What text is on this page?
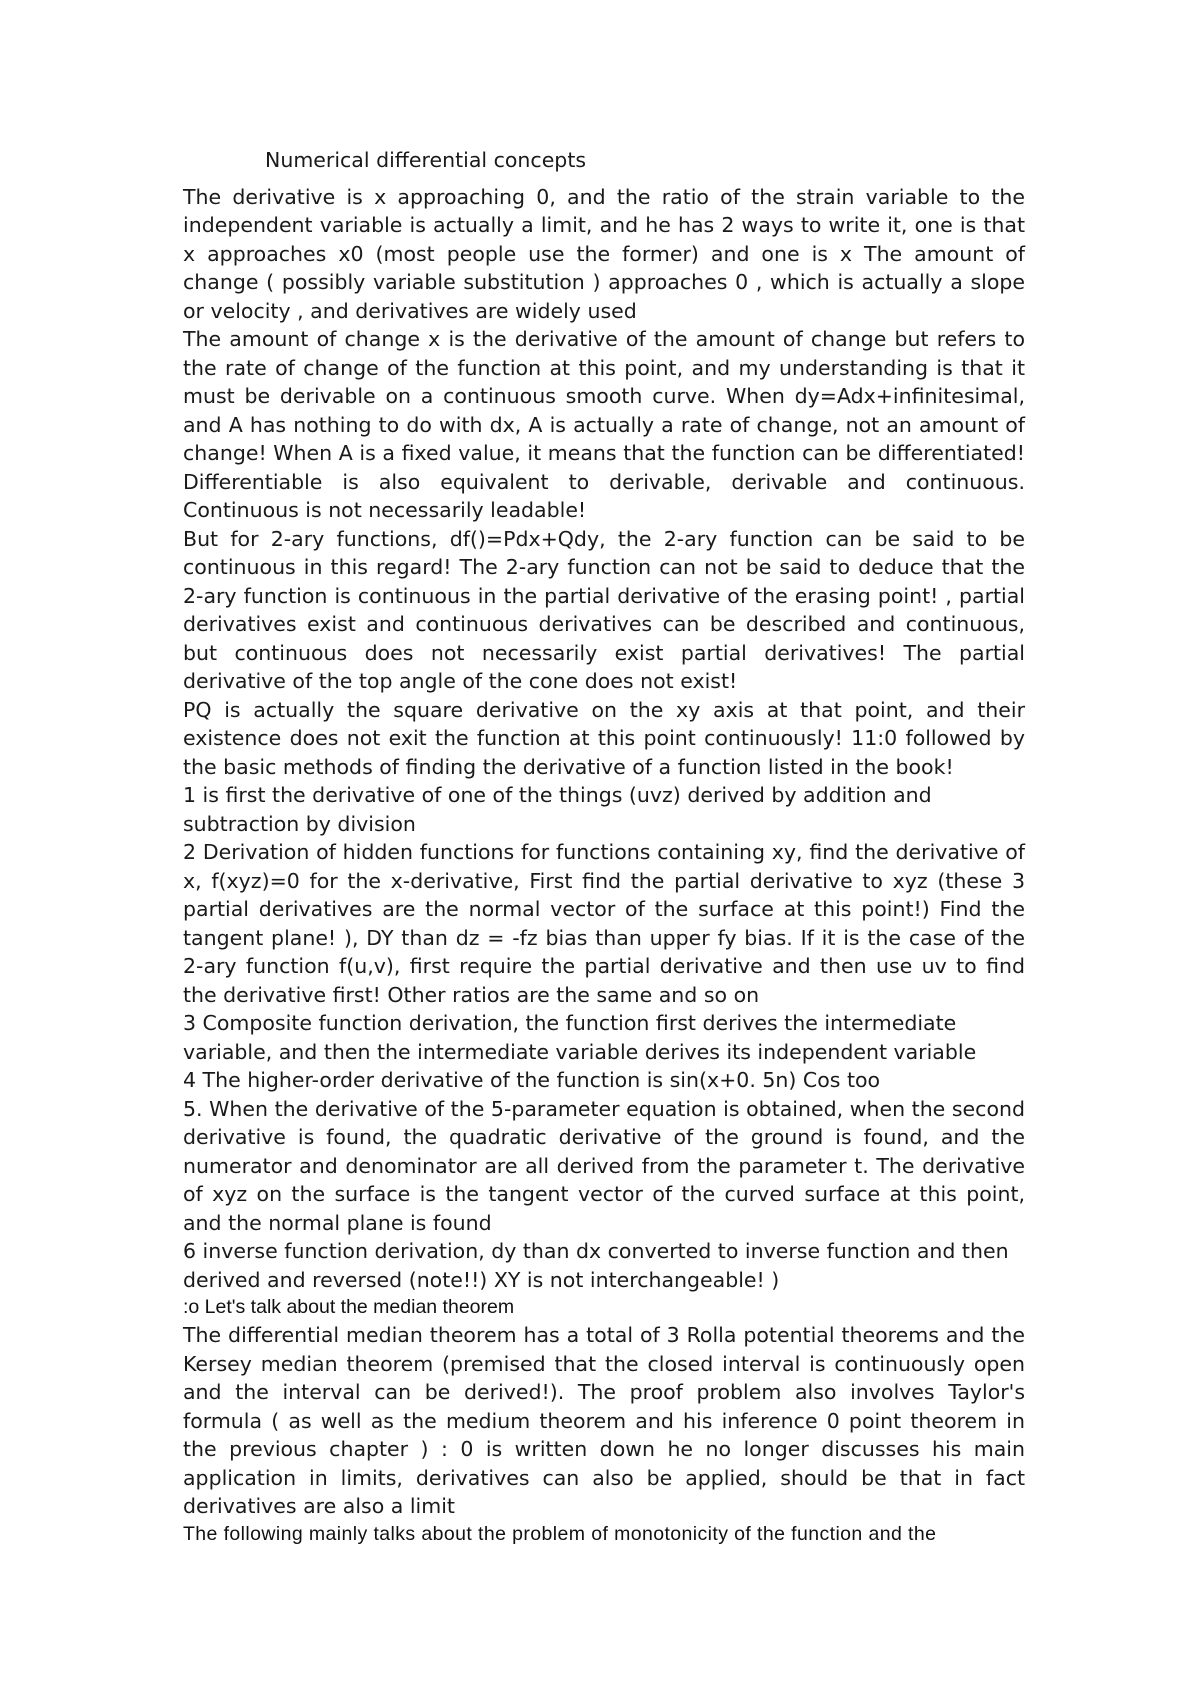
Numerical differential concepts

The derivative is x approaching 0, and the ratio of the strain variable to the independent variable is actually a limit, and he has 2 ways to write it, one is that x approaches x0 (most people use the former) and one is x The amount of change ( possibly variable substitution ) approaches 0 , which is actually a slope or velocity , and derivatives are widely used

The amount of change x is the derivative of the amount of change but refers to the rate of change of the function at this point, and my understanding is that it must be derivable on a continuous smooth curve. When dy=Adx+infinitesimal, and A has nothing to do with dx, A is actually a rate of change, not an amount of change! When A is a fixed value, it means that the function can be differentiated! Differentiable is also equivalent to derivable, derivable and continuous. Continuous is not necessarily leadable!

But for 2-ary functions, df()=Pdx+Qdy, the 2-ary function can be said to be continuous in this regard! The 2-ary function can not be said to deduce that the 2-ary function is continuous in the partial derivative of the erasing point! , partial derivatives exist and continuous derivatives can be described and continuous, but continuous does not necessarily exist partial derivatives! The partial derivative of the top angle of the cone does not exist!

PQ is actually the square derivative on the xy axis at that point, and their existence does not exit the function at this point continuously! 11:0 followed by the basic methods of finding the derivative of a function listed in the book!

1 is first the derivative of one of the things (uvz) derived by addition and subtraction by division

2 Derivation of hidden functions for functions containing xy, find the derivative of x, f(xyz)=0 for the x-derivative, First find the partial derivative to xyz (these 3 partial derivatives are the normal vector of the surface at this point!) Find the tangent plane! ), DY than dz = -fz bias than upper fy bias. If it is the case of the 2-ary function f(u,v), first require the partial derivative and then use uv to find the derivative first! Other ratios are the same and so on

3 Composite function derivation, the function first derives the intermediate variable, and then the intermediate variable derives its independent variable

4 The higher-order derivative of the function is sin(x+0. 5n) Cos too

5. When the derivative of the 5-parameter equation is obtained, when the second derivative is found, the quadratic derivative of the ground is found, and the numerator and denominator are all derived from the parameter t. The derivative of xyz on the surface is the tangent vector of the curved surface at this point, and the normal plane is found

6 inverse function derivation, dy than dx converted to inverse function and then derived and reversed (note!!) XY is not interchangeable! )

:o Let's talk about the median theorem

The differential median theorem has a total of 3 Rolla potential theorems and the Kersey median theorem (premised that the closed interval is continuously open and the interval can be derived!). The proof problem also involves Taylor's formula ( as well as the medium theorem and his inference 0 point theorem in the previous chapter ) : 0 is written down he no longer discusses his main application in limits, derivatives can also be applied, should be that in fact derivatives are also a limit

The following mainly talks about the problem of monotonicity of the function and the
